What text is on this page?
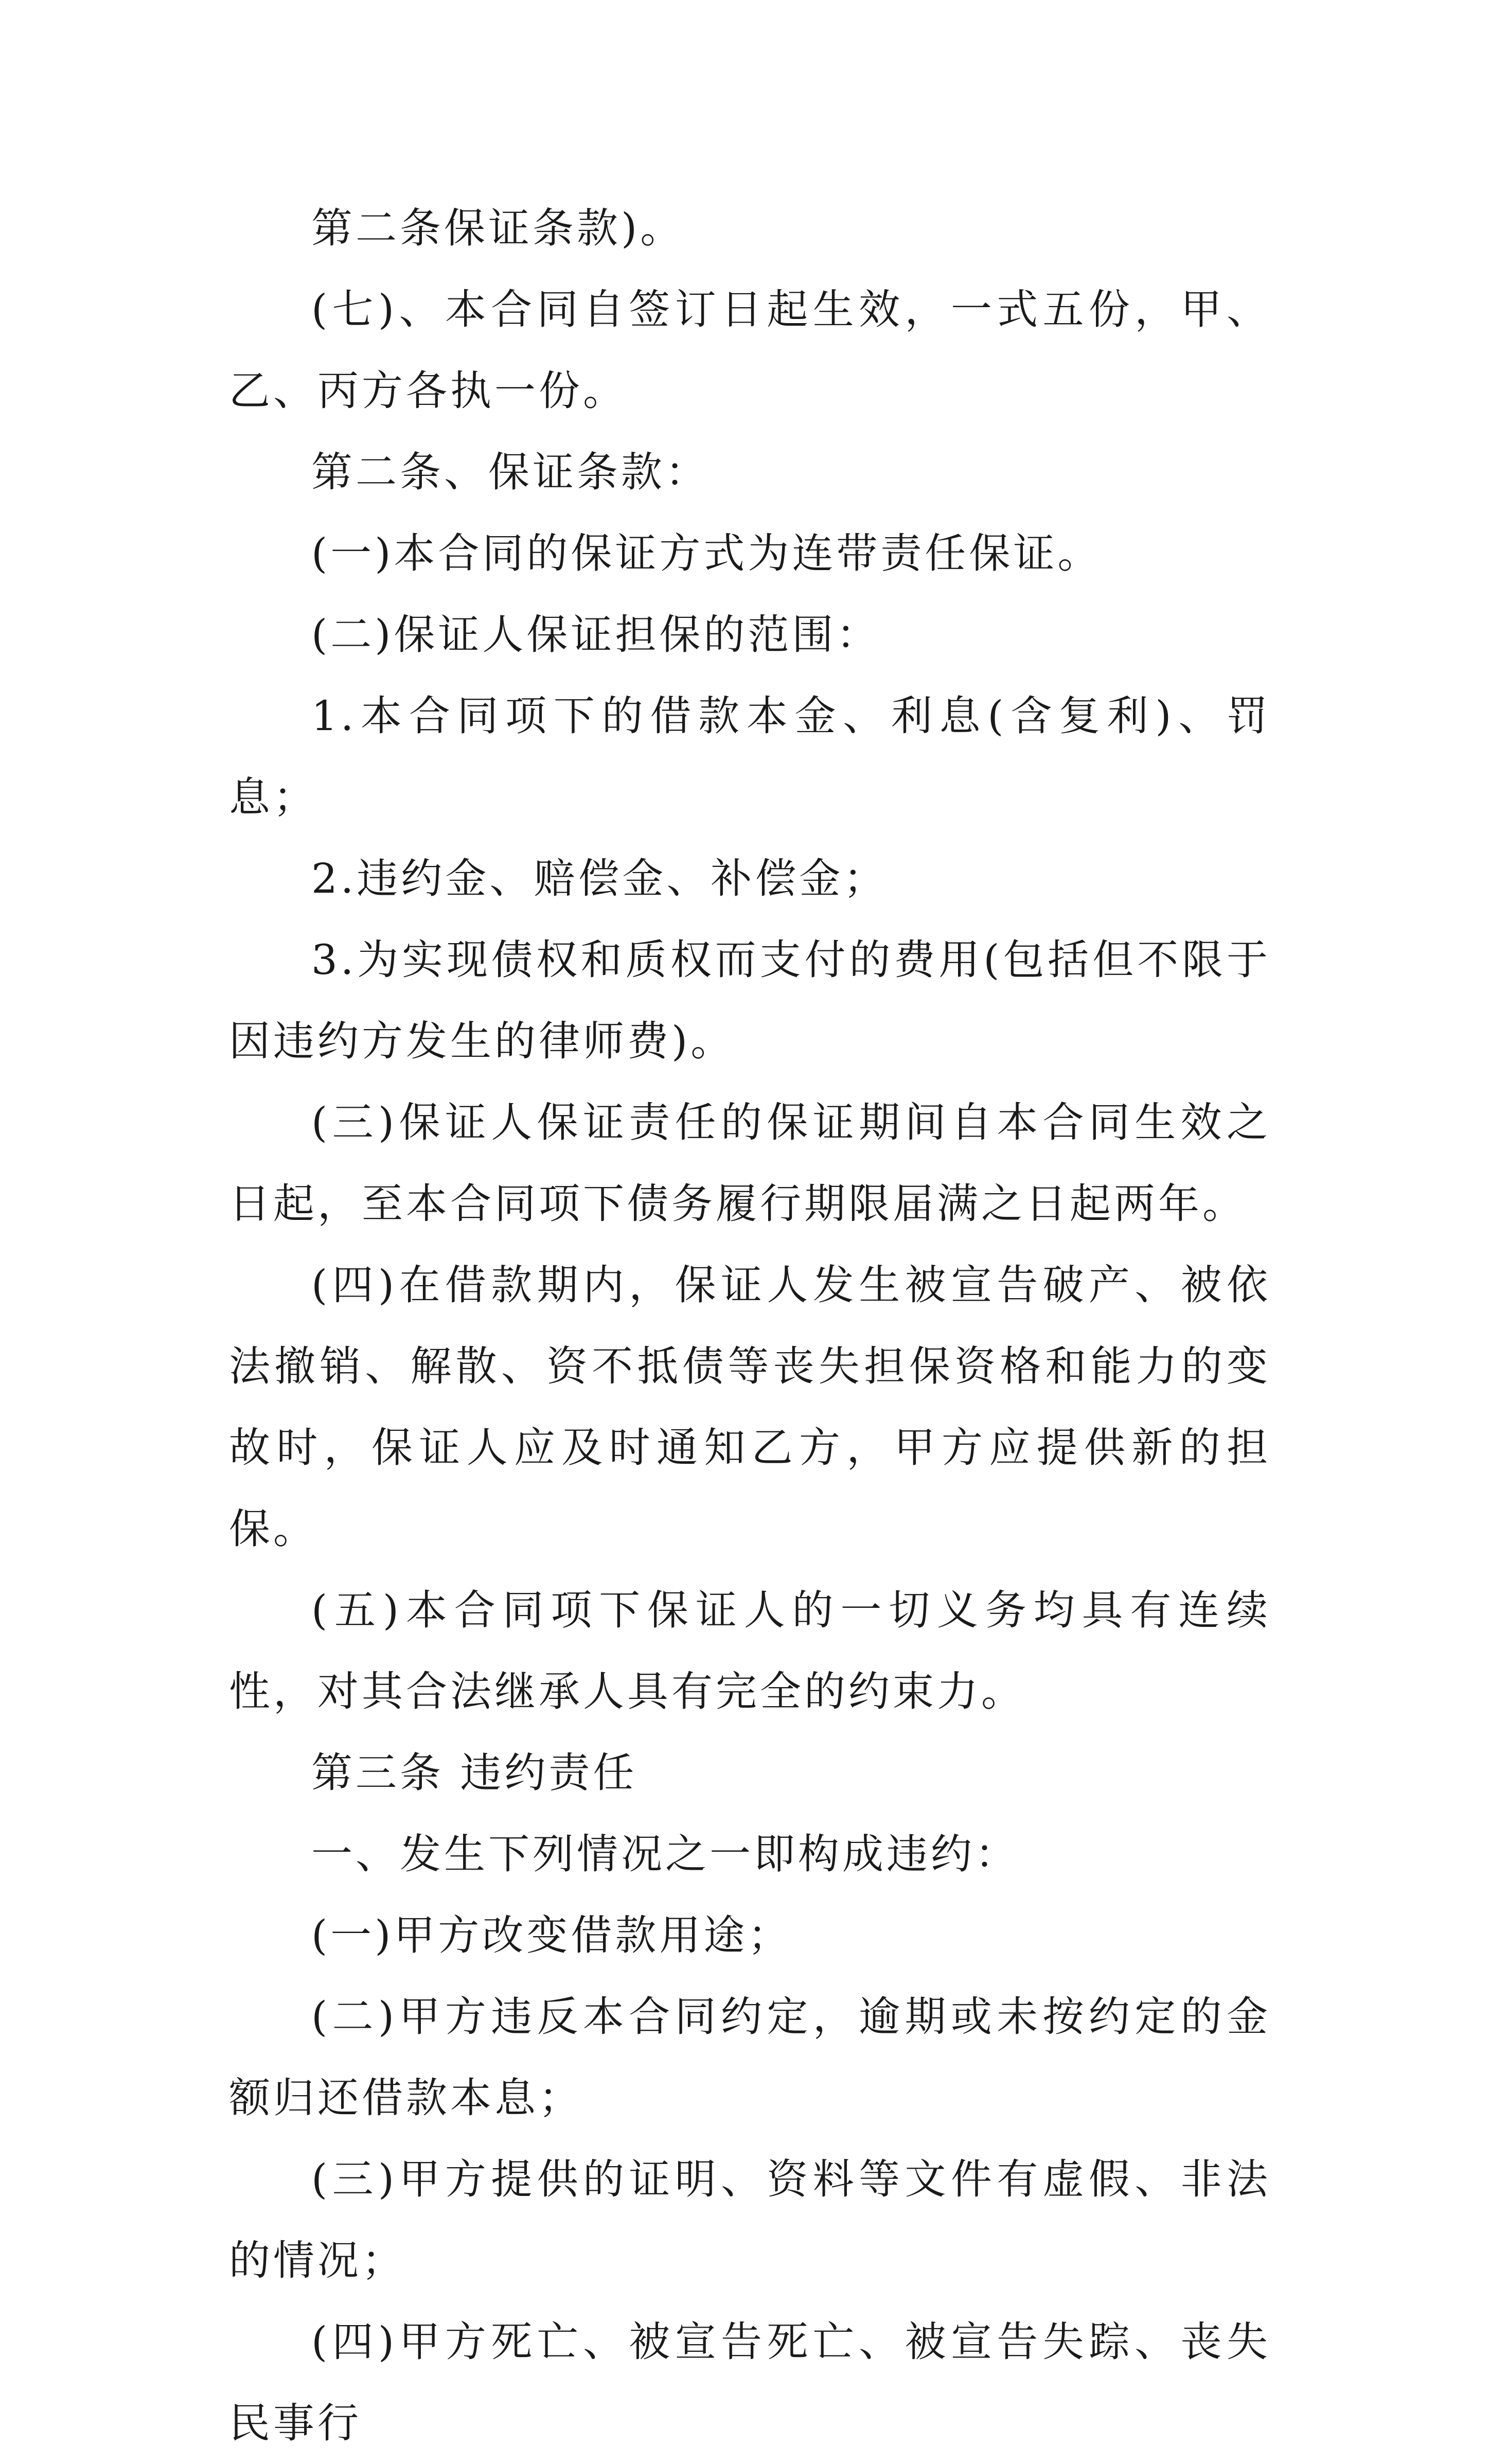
第二条保证条款)。

(七)、本合同自签订日起生效，一式五份，甲、乙、丙方各执一份。

第二条、保证条款：

(一)本合同的保证方式为连带责任保证。

(二)保证人保证担保的范围：

1.本合同项下的借款本金、利息(含复利)、罚息；

2.违约金、赔偿金、补偿金；

3.为实现债权和质权而支付的费用(包括但不限于因违约方发生的律师费)。

(三)保证人保证责任的保证期间自本合同生效之日起，至本合同项下债务履行期限届满之日起两年。

(四)在借款期内，保证人发生被宣告破产、被依法撤销、解散、资不抵债等丧失担保资格和能力的变故时，保证人应及时通知乙方，甲方应提供新的担保。

(五)本合同项下保证人的一切义务均具有连续性，对其合法继承人具有完全的约束力。

第三条 违约责任

一、发生下列情况之一即构成违约：

(一)甲方改变借款用途；

(二)甲方违反本合同约定，逾期或未按约定的金额归还借款本息；

(三)甲方提供的证明、资料等文件有虚假、非法的情况；

(四)甲方死亡、被宣告死亡、被宣告失踪、丧失民事行
